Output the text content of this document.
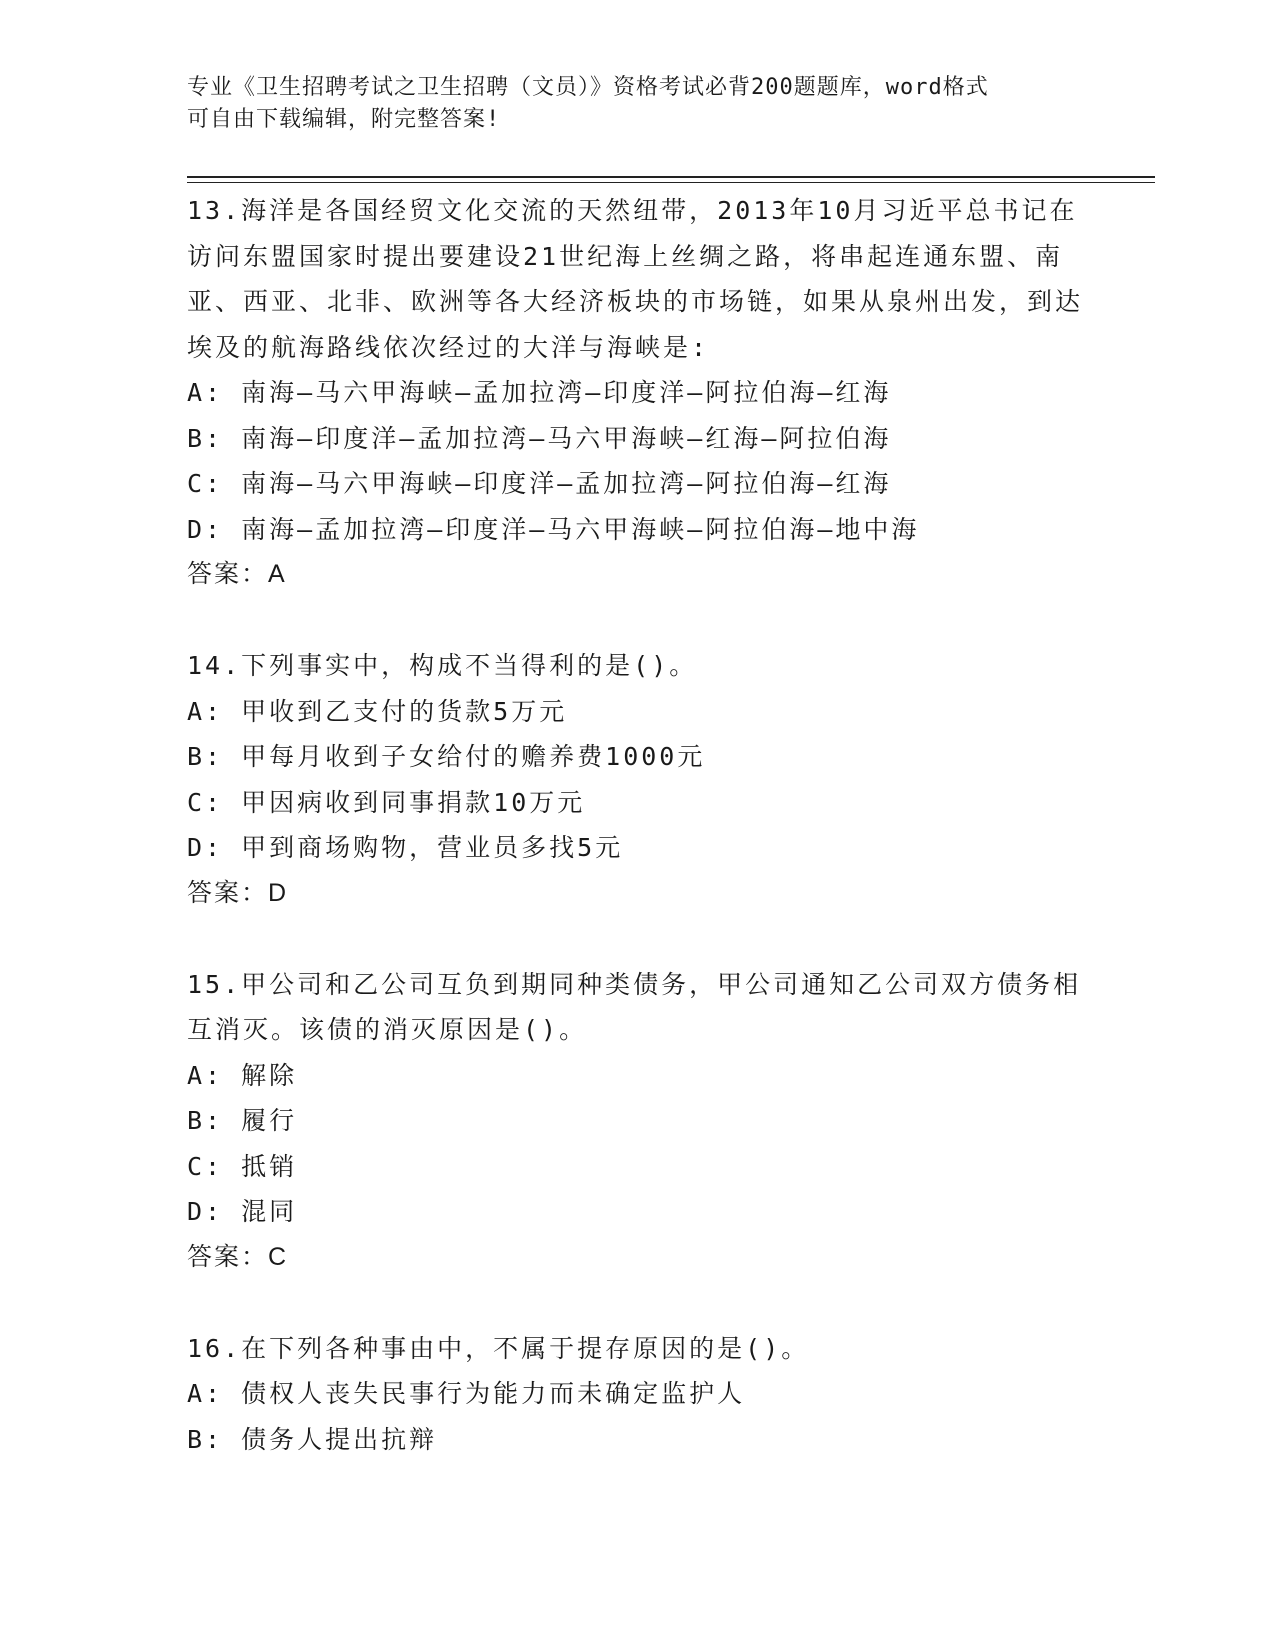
专业《卫生招聘考试之卫生招聘（文员）》资格考试必背200题题库，word格式
可自由下载编辑，附完整答案!

13.海洋是各国经贸文化交流的天然纽带，2013年10月习近平总书记在访问东盟国家时提出要建设21世纪海上丝绸之路，将串起连通东盟、南亚、西亚、北非、欧洲等各大经济板块的市场链，如果从泉州出发，到达埃及的航海路线依次经过的大洋与海峡是:

A: 南海—马六甲海峡—孟加拉湾—印度洋—阿拉伯海—红海

B: 南海—印度洋—孟加拉湾—马六甲海峡—红海—阿拉伯海

C: 南海—马六甲海峡—印度洋—孟加拉湾—阿拉伯海—红海

D: 南海—孟加拉湾—印度洋—马六甲海峡—阿拉伯海—地中海

答案：A

14.下列事实中，构成不当得利的是()。

A: 甲收到乙支付的货款5万元

B: 甲每月收到子女给付的赡养费1000元

C: 甲因病收到同事捐款10万元

D: 甲到商场购物，营业员多找5元

答案：D

15.甲公司和乙公司互负到期同种类债务，甲公司通知乙公司双方债务相互消灭。该债的消灭原因是()。

A: 解除

B: 履行

C: 抵销

D: 混同

答案：C

16.在下列各种事由中，不属于提存原因的是()。

A: 债权人丧失民事行为能力而未确定监护人

B: 债务人提出抗辩
